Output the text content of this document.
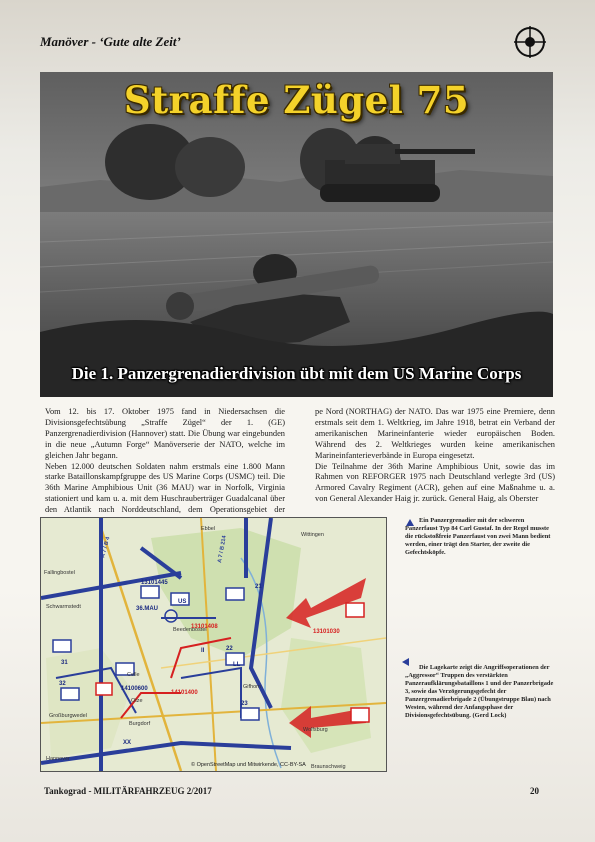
Manöver - ‘Gute alte Zeit’
Straffe Zügel 75
Die 1. Panzergrenadierdivision übt mit dem US Marine Corps

Vom 12. bis 17. Oktober 1975 fand in Niedersachsen die Divisionsgefechtsübung „Straffe Zügel“ der 1. (GE) Panzergrenadierdivision (Hannover) statt. Die Übung war eingebunden in die neue „Autumn Forge“ Manöverserie der NATO, welche im gleichen Jahr begann.

Neben 12.000 deutschen Soldaten nahm erstmals eine 1.800 Mann starke Bataillonskampfgruppe des US Marine Corps (USMC) teil. Die 36th Marine Amphibious Unit (36 MAU) war in Norfolk, Virginia stationiert und kam u. a. mit dem Huschrauberträger Guadalcanal über den Atlantik nach Norddeutschland, dem Operationsgebiet der

pe Nord (NORTHAG) der NATO. Das war 1975 eine Premiere, denn erstmals seit dem 1. Weltkrieg, im Jahre 1918, betrat ein Verband der amerikanischen Marineinfanterie wieder europäischen Boden. Während des 2. Weltkrieges wurden keine amerikanischen Marineinfanterieverbände in Europa eingesetzt.

Die Teilnahme der 36th Marine Amphibious Unit, sowie das im Rahmen von REFORGER 1975 nach Deutschland verlegte 3rd (US) Armored Cavalry Regiment (ACR), gehen auf eine Maßnahme u. a. von General Alexander Haig jr. zurück. General Haig, als Oberster

Wittingen
Beedenbostel
Celle
Gifhorn
Otze
Burgdorf
Großburgwedel
Hannover
Wolfsburg
Ebbel
Fallingbostel
Schwarmstedt
Braunschweig
13101445
36.MAU
14100600
21
31
22
23
32
II
LL
US
XX
13101408
14101400
13101030
A 7 / B 4	A 7 / B 214
© OpenStreetMap und Mitwirkende, CC-BY-SA
Ein Panzergrenadier mit der schweren Panzerfaust Typ 84 Carl Gustaf. In der Regel musste die rückstoßfreie Panzerfaust von zwei Mann bedient werden, einer trägt den Starter, der zweite die Gefechtsköpfe.
Die Lagekarte zeigt die Angriffsoperationen der „Aggressor“ Truppen des verstärkten Panzeraufklärungsbataillons 1 und der Panzerbrigade 3, sowie das Verzögerungsgefecht der Panzergrenadierbrigade 2 (Übungstruppe Blau) nach Westen, während der Anfangsphase der Divisionsgefechtsübung. (Gerd Lock)
Tankograd - MILITÄRFAHRZEUG 2/2017	20
